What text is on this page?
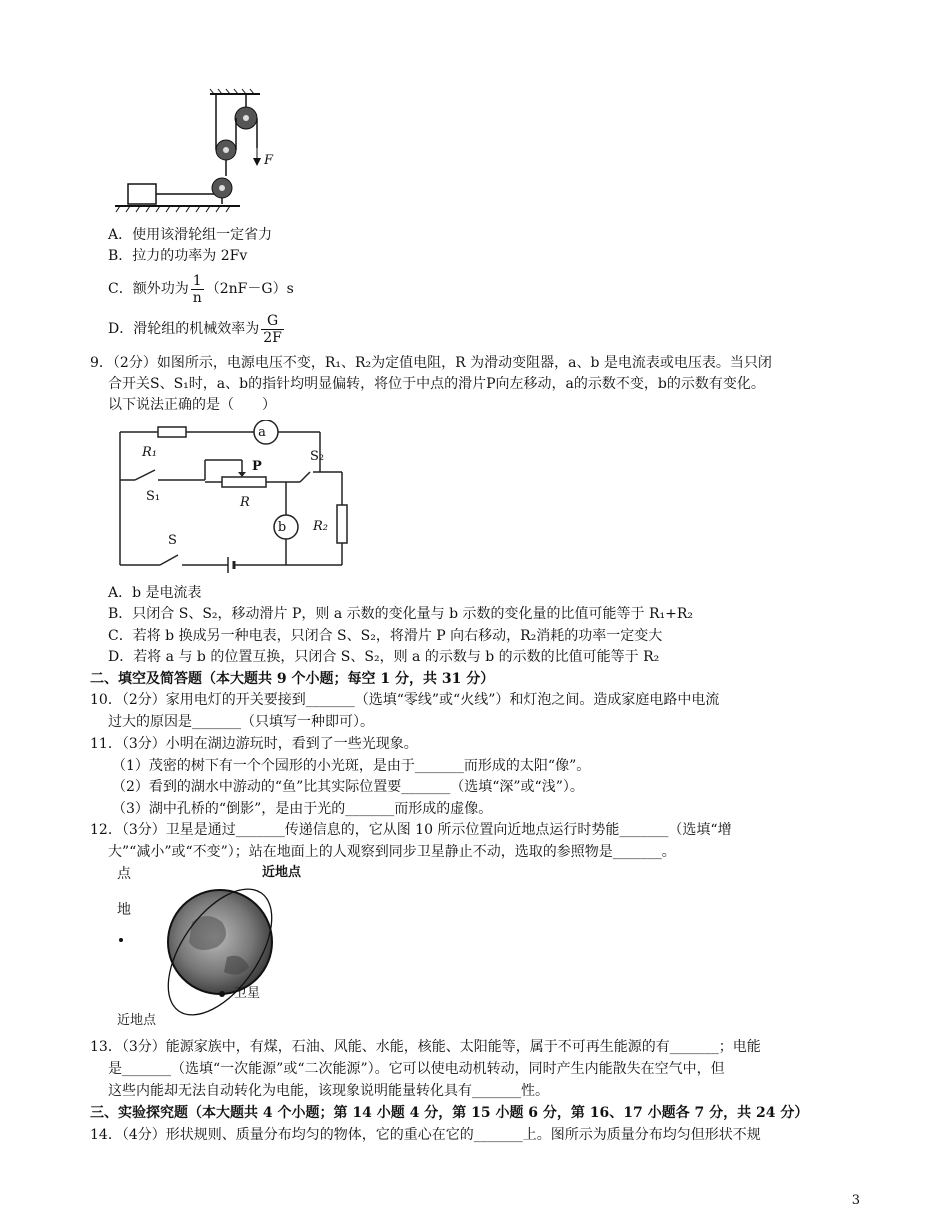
F
A．使用该滑轮组一定省力
B．拉力的功率为 2Fv
C．额外功为 $\frac{1}{n} (2nF-G)s$
D．滑轮组的机械效率为 $\frac{G}{2F}$
9．（2分）如图所示，电源电压不变，R₁、R₂为定值电阻，R 为滑动变阻器，a、b 是电流表或电压表。当只闭
合开关S、S₁时，a、b的指针均明显偏转，将位于中点的滑片P向左移动，a的示数不变，b的示数有变化。
以下说法正确的是（　　）
R₁
S₁
a
P
R
S₂
b R₂
S
A．b 是电流表
B．只闭合 S、S₂，移动滑片 P，则 a 示数的变化量与 b 示数的变化量的比值可能等于 R₁+R₂
C．若将 b 换成另一种电表，只闭合 S、S₂，将滑片 P 向右移动，R₂消耗的功率一定变大
D．若将 a 与 b 的位置互换，只闭合 S、S₂，则 a 的示数与 b 的示数的比值可能等于 R₂
二、填空及简答题（本大题共 9 个小题；每空 1 分，共 31 分）
10．（2分）家用电灯的开关要接到_______（选填“零线”或“火线”）和灯泡之间。造成家庭电路中电流
过大的原因是_______（只填写一种即可）。
11．（3分）小明在湖边游玩时，看到了一些光现象。
（1）茂密的树下有一个个园形的小光斑，是由于_______而形成的太阳“像”。
（2）看到的湖水中游动的“鱼”比其实际位置要_______（选填“深”或“浅”）。
（3）湖中孔桥的“倒影”，是由于光的_______而形成的虚像。
12．（3分）卫星是通过_______传递信息的，它从图 10 所示位置向近地点运行时势能_______（选填“增
大”“减小”或“不变”）；站在地面上的人观察到同步卫星静止不动，选取的参照物是_______。
点
地
近地点
卫星
近地点
13．（3分）能源家族中，有煤，石油、风能、水能，核能、太阳能等，属于不可再生能源的有_______；电能
是_______（选填“一次能源”或“二次能源”）。它可以使电动机转动，同时产生内能散失在空气中，但
这些内能却无法自动转化为电能，该现象说明能量转化具有_______性。
三、实验探究题（本大题共 4 个小题；第 14 小题 4 分，第 15 小题 6 分，第 16、17 小题各 7 分，共 24 分）
14．（4分）形状规则、质量分布均匀的物体，它的重心在它的_______上。图所示为质量分布均匀但形状不规
3
